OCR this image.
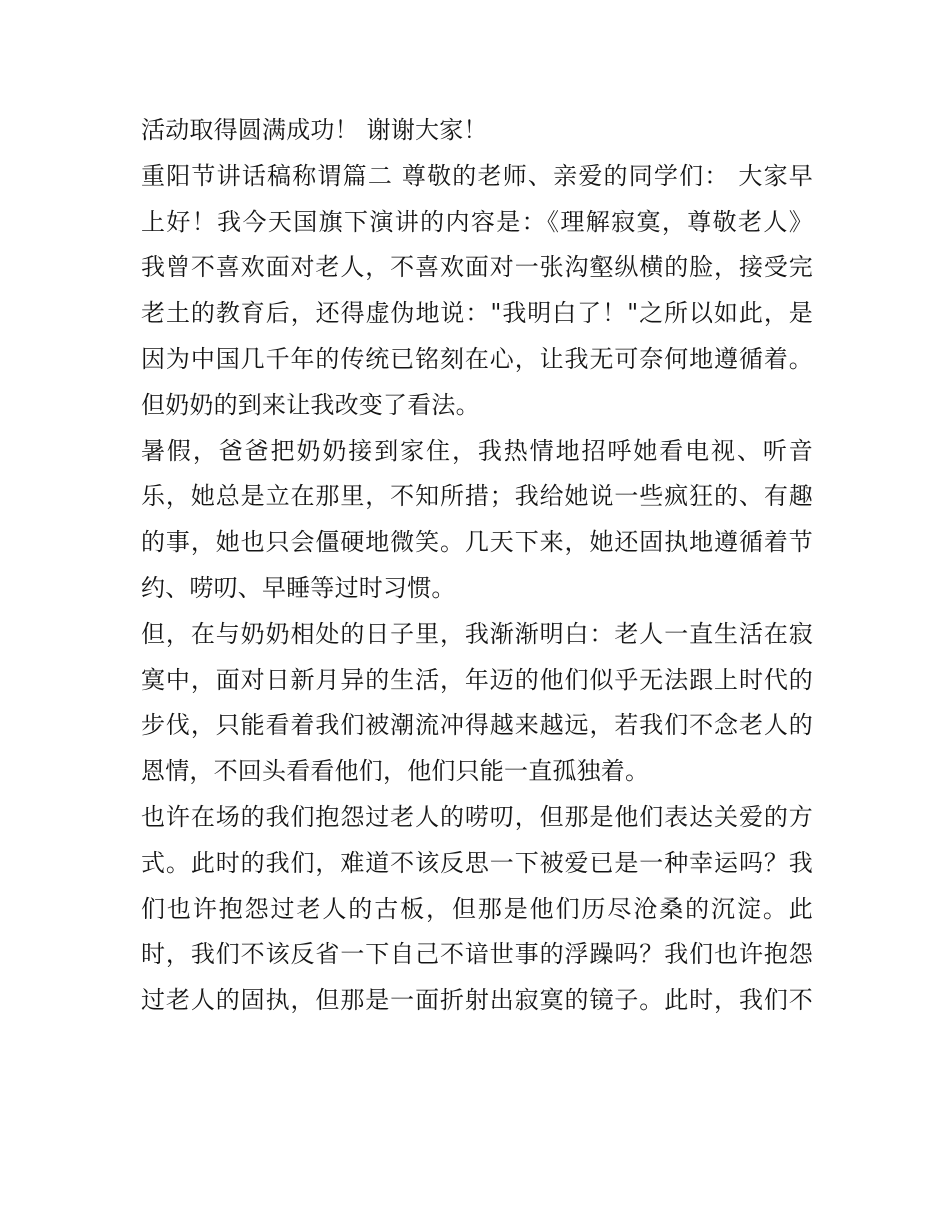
活动取得圆满成功！ 谢谢大家！
重阳节讲话稿称谓篇二 尊敬的老师、亲爱的同学们： 大家早
上好！我今天国旗下演讲的内容是：《理解寂寞，尊敬老人》
我曾不喜欢面对老人，不喜欢面对一张沟壑纵横的脸，接受完
老土的教育后，还得虚伪地说："我明白了！"之所以如此，是
因为中国几千年的传统已铭刻在心，让我无可奈何地遵循着。
但奶奶的到来让我改变了看法。
暑假，爸爸把奶奶接到家住，我热情地招呼她看电视、听音
乐，她总是立在那里，不知所措；我给她说一些疯狂的、有趣
的事，她也只会僵硬地微笑。几天下来，她还固执地遵循着节
约、唠叨、早睡等过时习惯。
但，在与奶奶相处的日子里，我渐渐明白：老人一直生活在寂
寞中，面对日新月异的生活，年迈的他们似乎无法跟上时代的
步伐，只能看着我们被潮流冲得越来越远，若我们不念老人的
恩情，不回头看看他们，他们只能一直孤独着。
也许在场的我们抱怨过老人的唠叨，但那是他们表达关爱的方
式。此时的我们，难道不该反思一下被爱已是一种幸运吗？我
们也许抱怨过老人的古板，但那是他们历尽沧桑的沉淀。此
时，我们不该反省一下自己不谙世事的浮躁吗？我们也许抱怨
过老人的固执，但那是一面折射出寂寞的镜子。此时，我们不
